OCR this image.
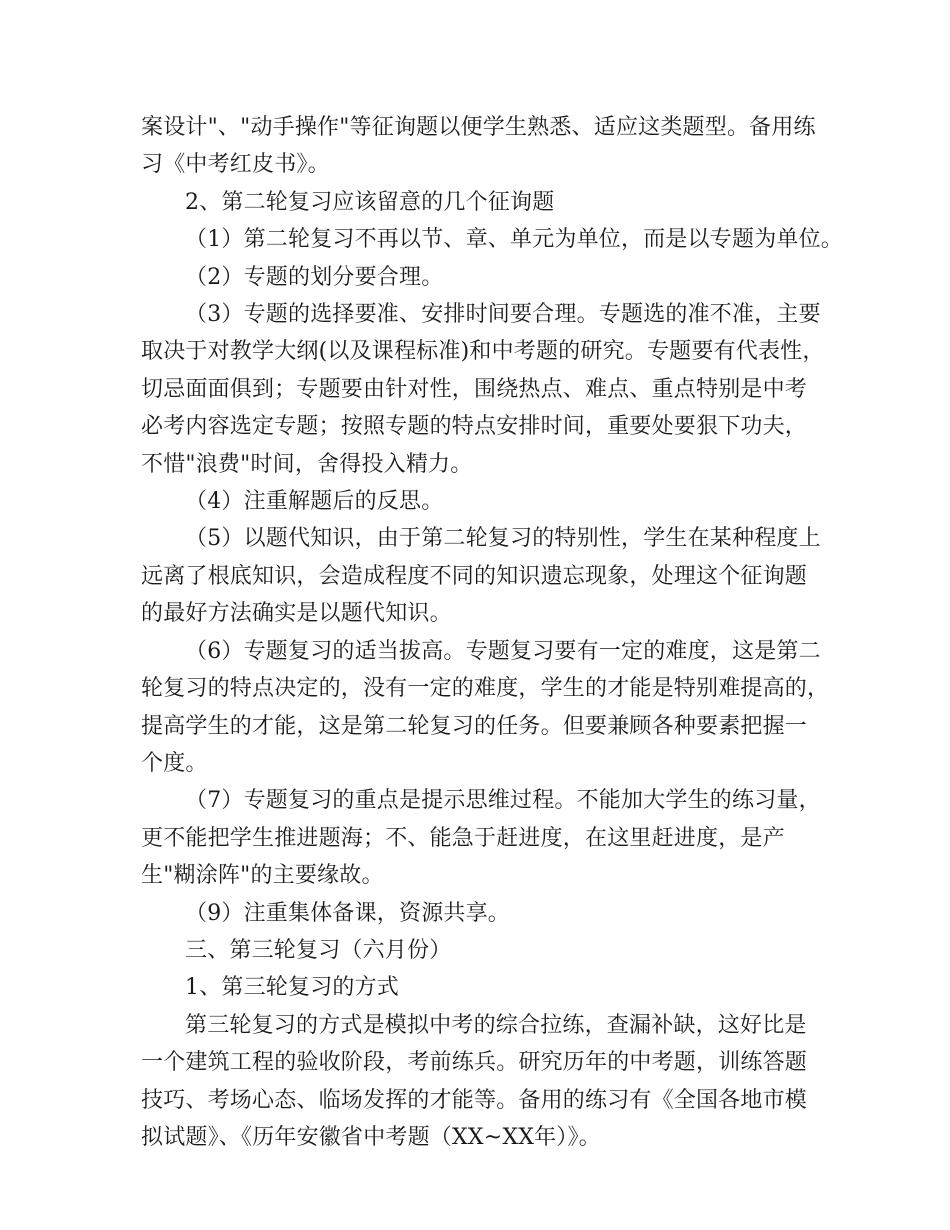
案设计"、"动手操作"等征询题以便学生熟悉、适应这类题型。备用练
习《中考红皮书》。
2、第二轮复习应该留意的几个征询题
（1）第二轮复习不再以节、章、单元为单位，而是以专题为单位。
（2）专题的划分要合理。
（3）专题的选择要准、安排时间要合理。专题选的准不准，主要
取决于对教学大纲(以及课程标准)和中考题的研究。专题要有代表性，
切忌面面俱到；专题要由针对性，围绕热点、难点、重点特别是中考
必考内容选定专题；按照专题的特点安排时间，重要处要狠下功夫，
不惜"浪费"时间，舍得投入精力。
（4）注重解题后的反思。
（5）以题代知识，由于第二轮复习的特别性，学生在某种程度上
远离了根底知识，会造成程度不同的知识遗忘现象，处理这个征询题
的最好方法确实是以题代知识。
（6）专题复习的适当拔高。专题复习要有一定的难度，这是第二
轮复习的特点决定的，没有一定的难度，学生的才能是特别难提高的，
提高学生的才能，这是第二轮复习的任务。但要兼顾各种要素把握一
个度。
（7）专题复习的重点是提示思维过程。不能加大学生的练习量，
更不能把学生推进题海；不、能急于赶进度，在这里赶进度，是产
生"糊涂阵"的主要缘故。
（9）注重集体备课，资源共享。
三、第三轮复习（六月份）
1、第三轮复习的方式
第三轮复习的方式是模拟中考的综合拉练，查漏补缺，这好比是
一个建筑工程的验收阶段，考前练兵。研究历年的中考题，训练答题
技巧、考场心态、临场发挥的才能等。备用的练习有《全国各地市模
拟试题》、《历年安徽省中考题（XX~XX年）》。
